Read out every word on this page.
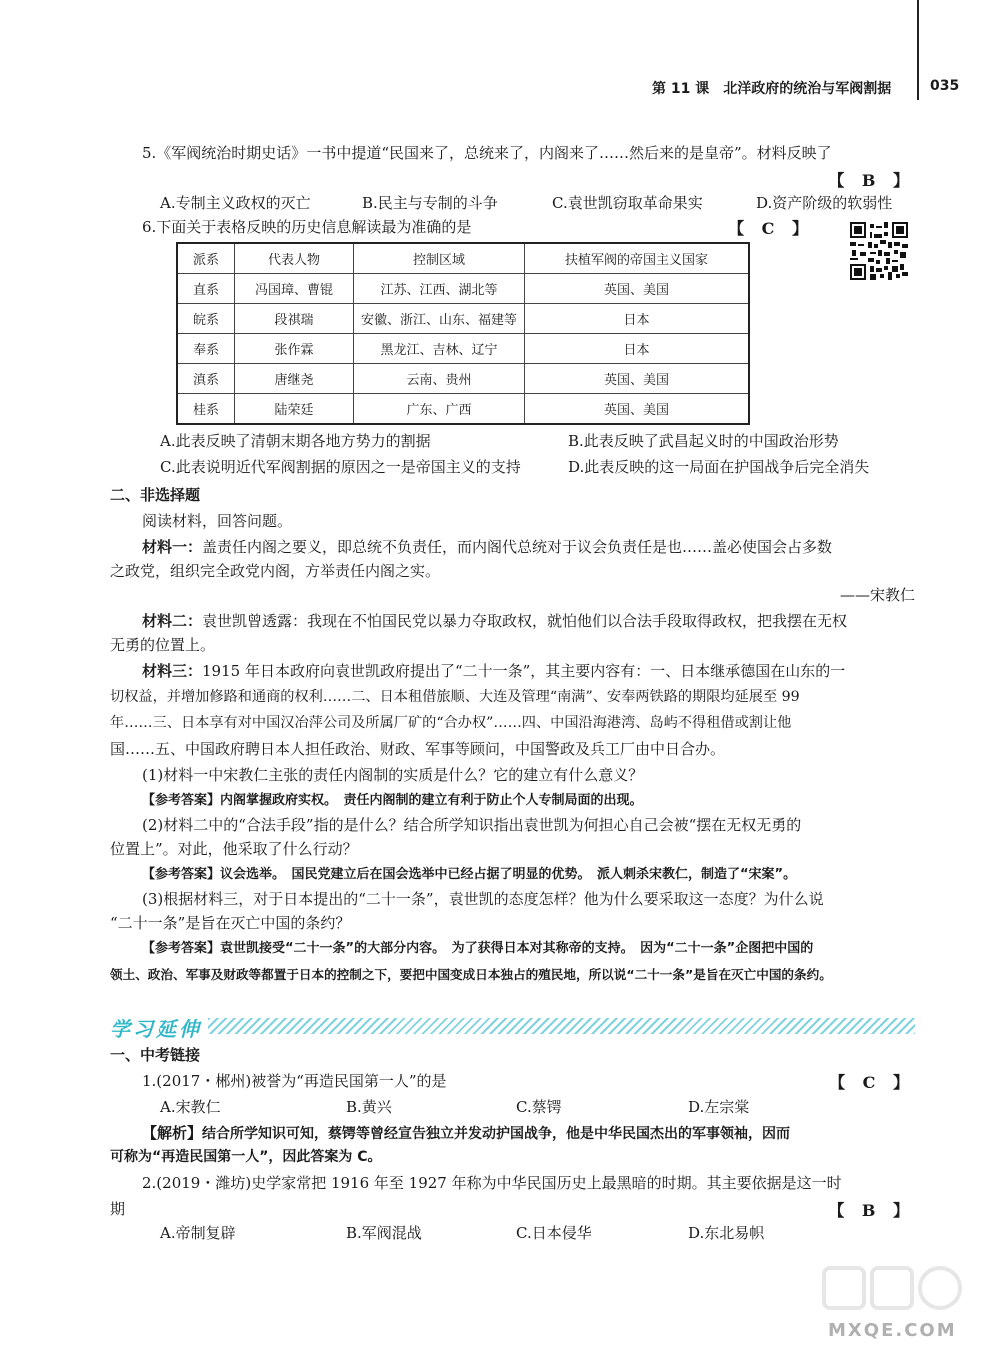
第 11 课　北洋政府的统治与军阀割据	035
5.《军阀统治时期史话》一书中提道“民国来了，总统来了，内阁来了……然后来的是皇帝”。材料反映了
【 B 】
A.专制主义政权的灭亡	B.民主与专制的斗争	C.袁世凯窃取革命果实	D.资产阶级的软弱性
6.下面关于表格反映的历史信息解读最为准确的是	【 C 】
派系	代表人物	控制区域	扶植军阀的帝国主义国家
直系	冯国璋、曹锟	江苏、江西、湖北等	英国、美国
皖系	段祺瑞	安徽、浙江、山东、福建等	日本
奉系	张作霖	黑龙江、吉林、辽宁	日本
滇系	唐继尧	云南、贵州	英国、美国
桂系	陆荣廷	广东、广西	英国、美国
A.此表反映了清朝末期各地方势力的割据	B.此表反映了武昌起义时的中国政治形势
C.此表说明近代军阀割据的原因之一是帝国主义的支持	D.此表反映的这一局面在护国战争后完全消失
二、非选择题
阅读材料，回答问题。
材料一：盖责任内阁之要义，即总统不负责任，而内阁代总统对于议会负责任是也……盖必使国会占多数
之政党，组织完全政党内阁，方举责任内阁之实。
——宋教仁
材料二：袁世凯曾透露：我现在不怕国民党以暴力夺取政权，就怕他们以合法手段取得政权，把我摆在无权
无勇的位置上。
材料三：1915 年日本政府向袁世凯政府提出了“二十一条”，其主要内容有：一、日本继承德国在山东的一
切权益，并增加修路和通商的权利……二、日本租借旅顺、大连及管理“南满”、安奉两铁路的期限均延展至 99
年……三、日本享有对中国汉冶萍公司及所属厂矿的“合办权”……四、中国沿海港湾、岛屿不得租借或割让他
国……五、中国政府聘日本人担任政治、财政、军事等顾问，中国警政及兵工厂由中日合办。
(1)材料一中宋教仁主张的责任内阁制的实质是什么？它的建立有什么意义？
【参考答案】内阁掌握政府实权。　责任内阁制的建立有利于防止个人专制局面的出现。
(2)材料二中的“合法手段”指的是什么？结合所学知识指出袁世凯为何担心自己会被“摆在无权无勇的
位置上”。对此，他采取了什么行动？
【参考答案】议会选举。　国民党建立后在国会选举中已经占据了明显的优势。　派人刺杀宋教仁，制造了“宋案”。
(3)根据材料三，对于日本提出的“二十一条”，袁世凯的态度怎样？他为什么要采取这一态度？为什么说
“二十一条”是旨在灭亡中国的条约？
【参考答案】袁世凯接受“二十一条”的大部分内容。　为了获得日本对其称帝的支持。　因为“二十一条”企图把中国的
领土、政治、军事及财政等都置于日本的控制之下，要把中国变成日本独占的殖民地，所以说“二十一条”是旨在灭亡中国的条约。
学习延伸
一、中考链接
1.(2017・郴州)被誉为“再造民国第一人”的是	【 C 】
A.宋教仁	B.黄兴	C.蔡锷	D.左宗棠
【解析】结合所学知识可知，蔡锷等曾经宣告独立并发动护国战争，他是中华民国杰出的军事领袖，因而
可称为“再造民国第一人”，因此答案为 C。
2.(2019・潍坊)史学家常把 1916 年至 1927 年称为中华民国历史上最黑暗的时期。其主要依据是这一时
期	【 B 】
A.帝制复辟	B.军阀混战	C.日本侵华	D.东北易帜
MXQE.COM
